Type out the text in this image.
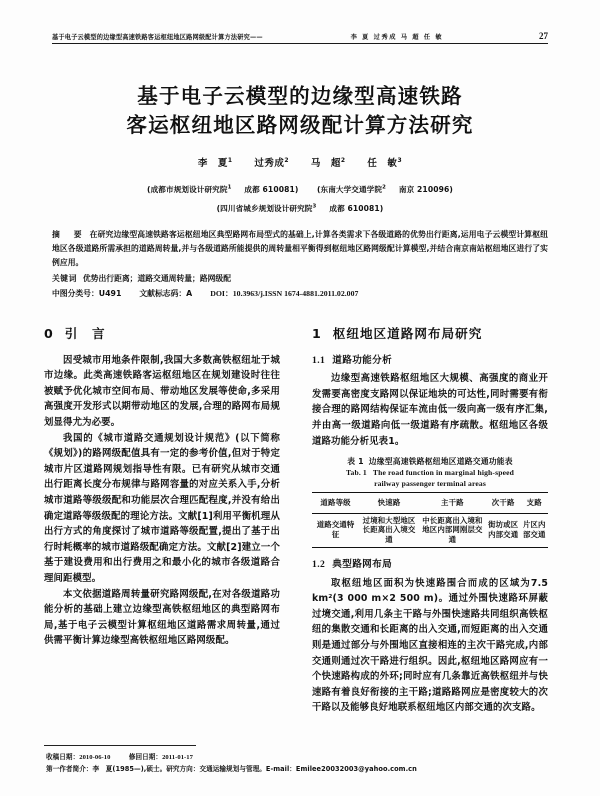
基于电子云模型的边缘型高速铁路客运枢纽地区路网级配计算方法研究——	李 夏 过秀成 马 超 任 敏	27
基于电子云模型的边缘型高速铁路
客运枢纽地区路网级配计算方法研究
李　夏$^1$ 过秀成$^2$ 马　超$^2$ 任　敏$^3$
(成都市规划设计研究院$^1$ 成都 610081) (东南大学交通学院$^2$ 南京 210096)
(四川省城乡规划设计研究院$^3$ 成都 610081)
摘　要 在研究边缘型高速铁路客运枢纽地区典型路网布局型式的基础上,计算各类需求下各级道路的优势出行距离,运用电子云模型计算枢纽地区各级道路所需承担的道路周转量,并与各级道路所能提供的周转量相平衡得到枢纽地区路网级配计算模型,并结合南京南站枢纽地区进行了实例应用。
关键词 优势出行距离；道路交通周转量；路网级配
中图分类号：U491 文献标志码：A DOI：10.3963/j.ISSN 1674-4881.2011.02.007
0 引　言

因受城市用地条件限制,我国大多数高铁枢纽址于城市边缘。此类高速铁路客运枢纽地区在规划建设时往往被赋予优化城市空间布局、带动地区发展等使命,多采用高强度开发形式以期带动地区的发展,合理的路网布局规划显得尤为必要。

我国的《城市道路交通规划设计规范》(以下简称《规划》)的路网级配值具有一定的参考价值,但对于特定城市片区道路网规划指导性有限。已有研究从城市交通出行距离长度分布规律与路网容量的对应关系入手,分析城市道路等级级配和功能层次合理匹配程度,并没有给出确定道路等级级配的理论方法。文献[1]利用平衡机理从出行方式的角度探讨了城市道路等级配置,提出了基于出行时耗概率的城市道路级配确定方法。文献[2]建立一个基于建设费用和出行费用之和最小化的城市各级道路合理间距模型。

本文依据道路周转量研究路网级配,在对各级道路功能分析的基础上建立边缘型高铁枢纽地区的典型路网布局,基于电子云模型计算枢纽地区道路需求周转量,通过供需平衡计算边缘型高铁枢纽地区路网级配。

1 枢纽地区道路网布局研究
1.1 道路功能分析

边缘型高速铁路枢纽地区大规模、高强度的商业开发需要高密度支路网以保证地块的可达性,同时需要有衔接合理的路网结构保证车流由低一级向高一级有序汇集,并由高一级道路向低一级道路有序疏散。枢纽地区各级道路功能分析见表1。

表 1 边缘型高速铁路枢纽地区道路交通功能表
Tab. 1 The road function in marginal high-speed
railway passenger terminal areas
道路等级	快速路	主干路	次干路	支路
道路交通特征	过境和大型地区长距离出入境交通	中长距离出入境和地区内部网刚层交通	街坊或区内部交通	片区内部交通
1.2 典型路网布局

取枢纽地区面积为快速路围合而成的区域为7.5 km²(3 000 m×2 500 m)。通过外围快速路环屏蔽过境交通,利用几条主干路与外围快速路共同组织高铁枢纽的集散交通和长距离的出入交通,而短距离的出入交通则是通过部分与外围地区直接相连的主次干路完成,内部交通则通过次干路进行组织。因此,枢纽地区路网应有一个快速路构成的外环;同时应有几条靠近高铁枢纽并与快速路有着良好衔接的主干路;道路路网应是密度较大的次干路以及能够良好地联系枢纽地区内部交通的次支路。

收稿日期：2010-06-10	修回日期：2011-01-17
第一作者简介：李　夏(1985—),硕士。研究方向：交通运输规划与管理。E-mail：Emilee20032003@yahoo.com.cn
